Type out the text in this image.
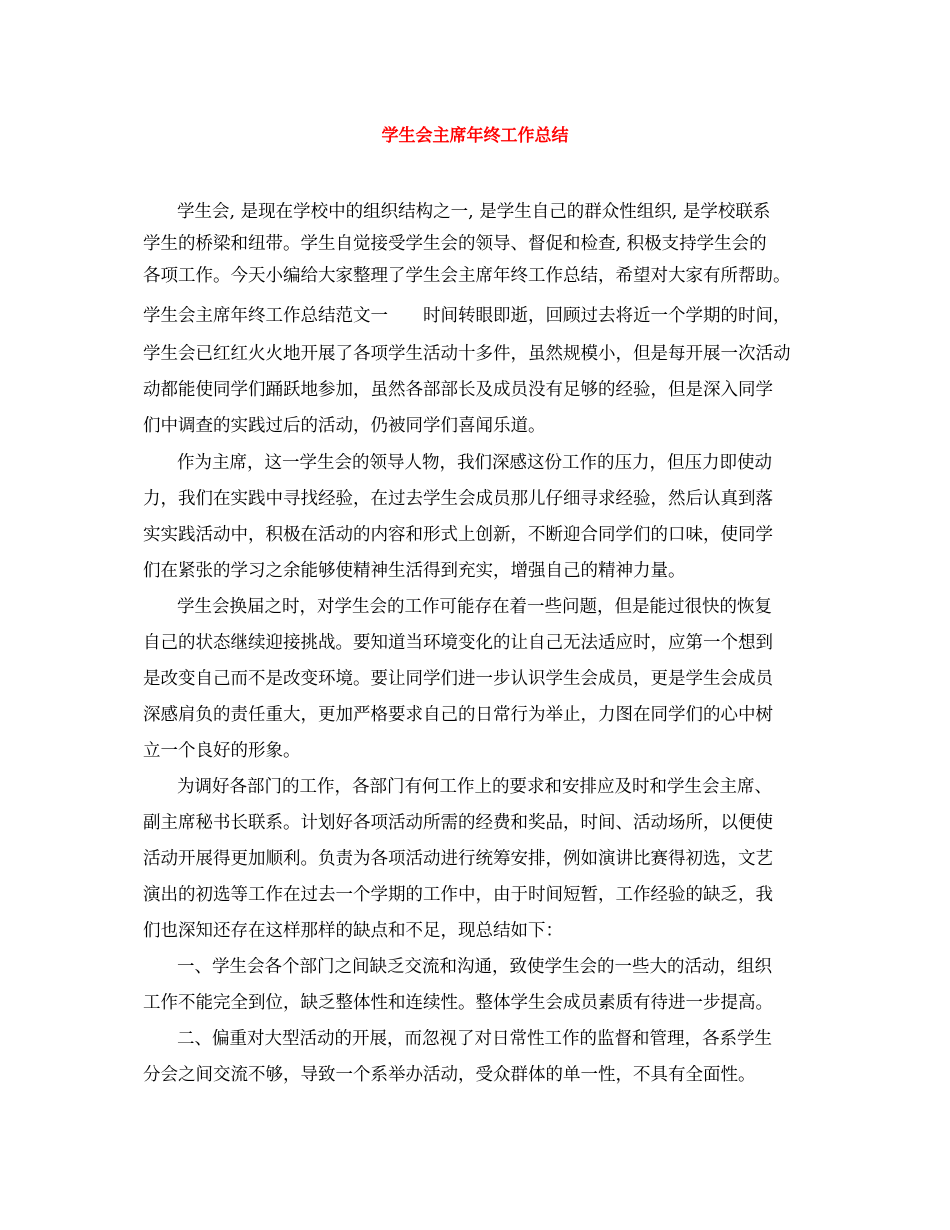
学生会主席年终工作总结
学生会, 是现在学校中的组织结构之一, 是学生自己的群众性组织, 是学校联系
学生的桥梁和纽带。学生自觉接受学生会的领导、督促和检查, 积极支持学生会的
各项工作。今天小编给大家整理了学生会主席年终工作总结，希望对大家有所帮助。
学生会主席年终工作总结范文一　　时间转眼即逝，回顾过去将近一个学期的时间，
学生会已红红火火地开展了各项学生活动十多件，虽然规模小，但是每开展一次活动
动都能使同学们踊跃地参加，虽然各部部长及成员没有足够的经验，但是深入同学
们中调查的实践过后的活动，仍被同学们喜闻乐道。
作为主席，这一学生会的领导人物，我们深感这份工作的压力，但压力即使动
力，我们在实践中寻找经验，在过去学生会成员那儿仔细寻求经验，然后认真到落
实实践活动中，积极在活动的内容和形式上创新，不断迎合同学们的口味，使同学
们在紧张的学习之余能够使精神生活得到充实，增强自己的精神力量。
学生会换届之时，对学生会的工作可能存在着一些问题，但是能过很快的恢复
自己的状态继续迎接挑战。要知道当环境变化的让自己无法适应时，应第一个想到
是改变自己而不是改变环境。要让同学们进一步认识学生会成员，更是学生会成员
深感肩负的责任重大，更加严格要求自己的日常行为举止，力图在同学们的心中树
立一个良好的形象。
为调好各部门的工作，各部门有何工作上的要求和安排应及时和学生会主席、
副主席秘书长联系。计划好各项活动所需的经费和奖品，时间、活动场所，以便使
活动开展得更加顺利。负责为各项活动进行统筹安排，例如演讲比赛得初选，文艺
演出的初选等工作在过去一个学期的工作中，由于时间短暂，工作经验的缺乏，我
们也深知还存在这样那样的缺点和不足，现总结如下：
一、学生会各个部门之间缺乏交流和沟通，致使学生会的一些大的活动，组织
工作不能完全到位，缺乏整体性和连续性。整体学生会成员素质有待进一步提高。
二、偏重对大型活动的开展，而忽视了对日常性工作的监督和管理，各系学生
分会之间交流不够，导致一个系举办活动，受众群体的单一性，不具有全面性。
